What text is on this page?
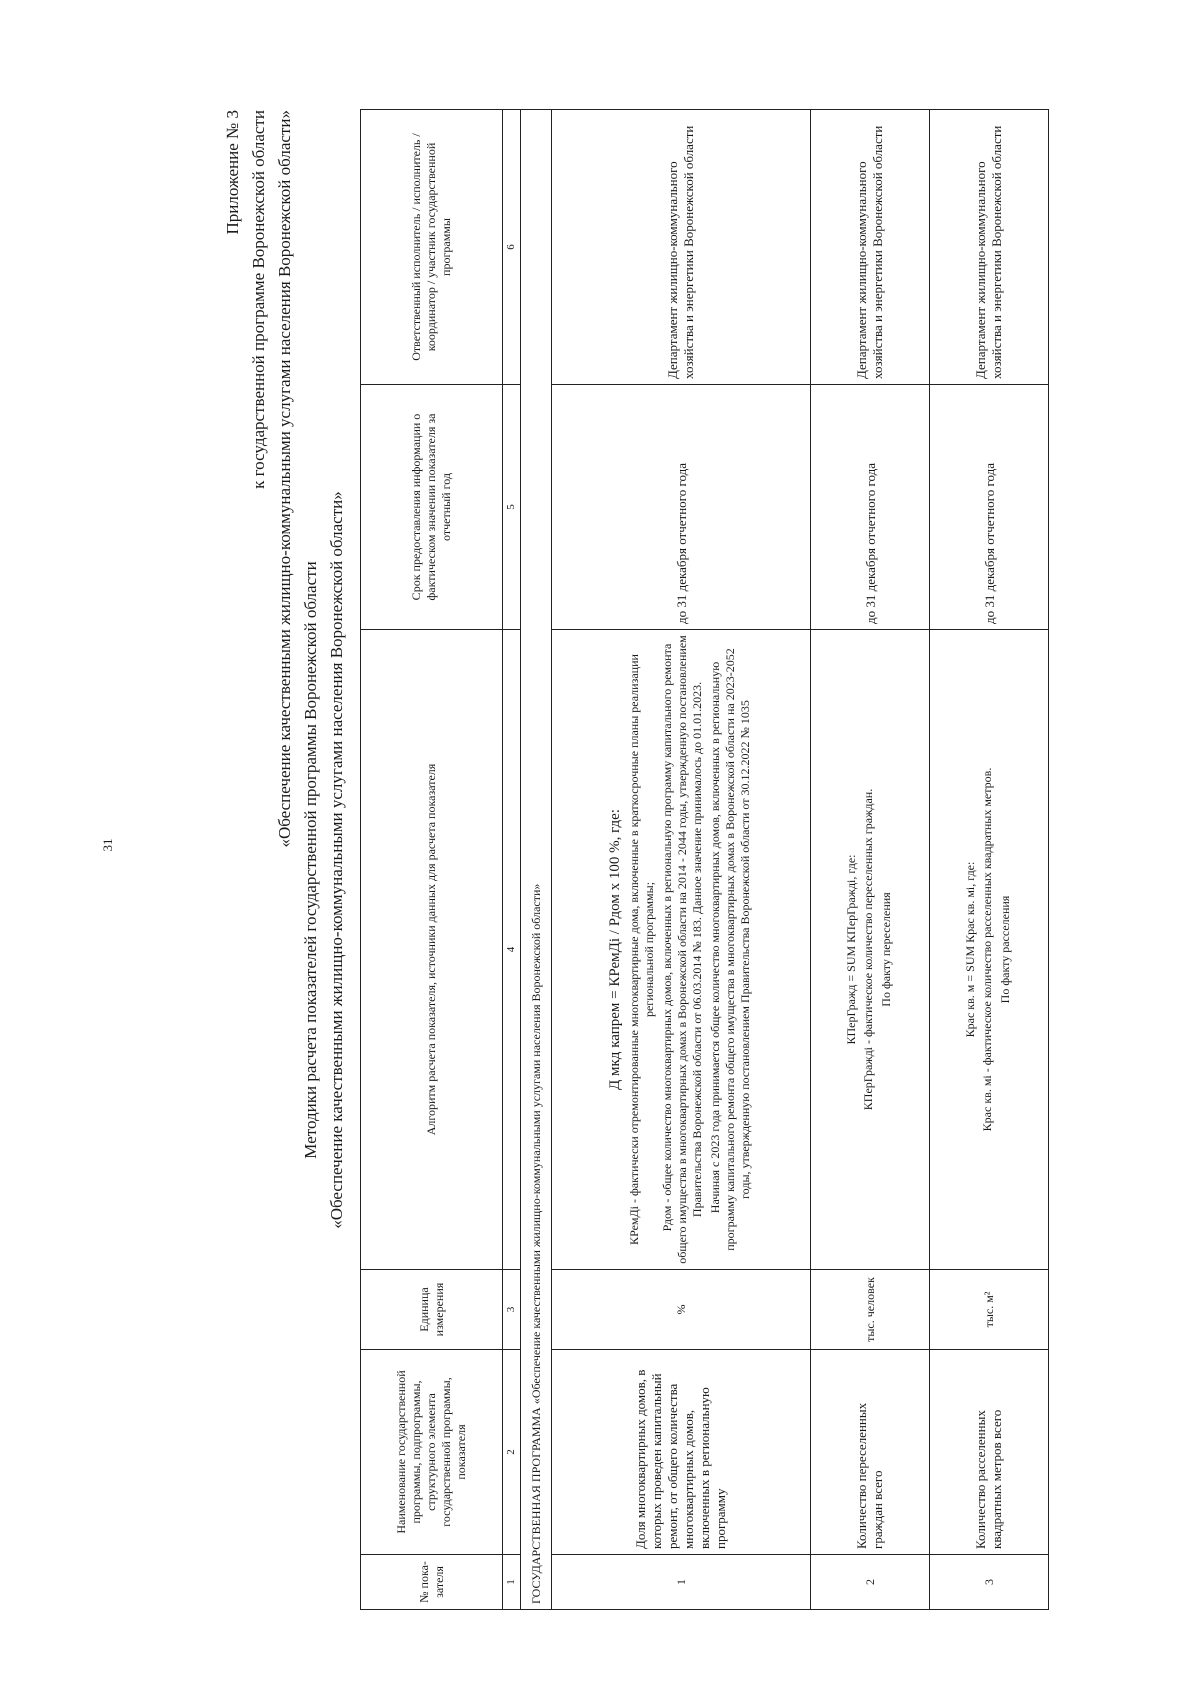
31
Приложение № 3 к государственной программе Воронежской области «Обеспечение качественными жилищно-коммунальными услугами населения Воронежской области»
Методики расчета показателей государственной программы Воронежской области «Обеспечение качественными жилищно-коммунальными услугами населения Воронежской области»
№ пока-зателя	Наименование государственной программы, подпрограммы, структурного элемента государственной программы, показателя	Единица измерения	Алгоритм расчета показателя, источники данных для расчета показателя	Срок предоставления информации о фактическом значении показателя за отчетный год	Ответственный исполнитель / исполнитель / координатор / участник государственной программы
1	2	3	4	5	6
ГОСУДАРСТВЕННАЯ ПРОГРАММА «Обеспечение качественными жилищно-коммунальными услугами населения Воронежской области»					
1	Доля многоквартирных домов, в которых проведен капитальный ремонт, от общего количества многоквартирных домов, включенных в региональную программу	%	Д мкд капрем = КРемДi / Рдом x 100 %, где: КРемДi - фактически отремонтированные многоквартирные дома, включенные в краткосрочные планы реализации региональной программы; Рдом - общее количество многоквартирных домов, включенных в региональную программу капитального ремонта общего имущества в многоквартирных домах в Воронежской области на 2014 - 2044 годы, утвержденную постановлением Правительства Воронежской области от 06.03.2014 № 183. Данное значение принималось до 01.01.2023. Начиная с 2023 года принимается общее количество многоквартирных домов, включенных в региональную программу капитального ремонта общего имущества в многоквартирных домах в Воронежской области на 2023-2052 годы, утвержденную постановлением Правительства Воронежской области от 30.12.2022 № 1035	до 31 декабря отчетного года	Департамент жилищно-коммунального хозяйства и энергетики Воронежской области
2	Количество переселенных граждан всего	тыс. человек	КПерГражд = SUM КПерГраждi, где: КПерГраждi - фактическое количество переселенных граждан. По факту переселения	до 31 декабря отчетного года	Департамент жилищно-коммунального хозяйства и энергетики Воронежской области
3	Количество расселенных квадратных метров всего	тыс. м²	Крас кв. м = SUM Крас кв. мi, где: Крас кв. мi - фактическое количество расселенных квадратных метров. По факту расселения	до 31 декабря отчетного года	Департамент жилищно-коммунального хозяйства и энергетики Воронежской области
